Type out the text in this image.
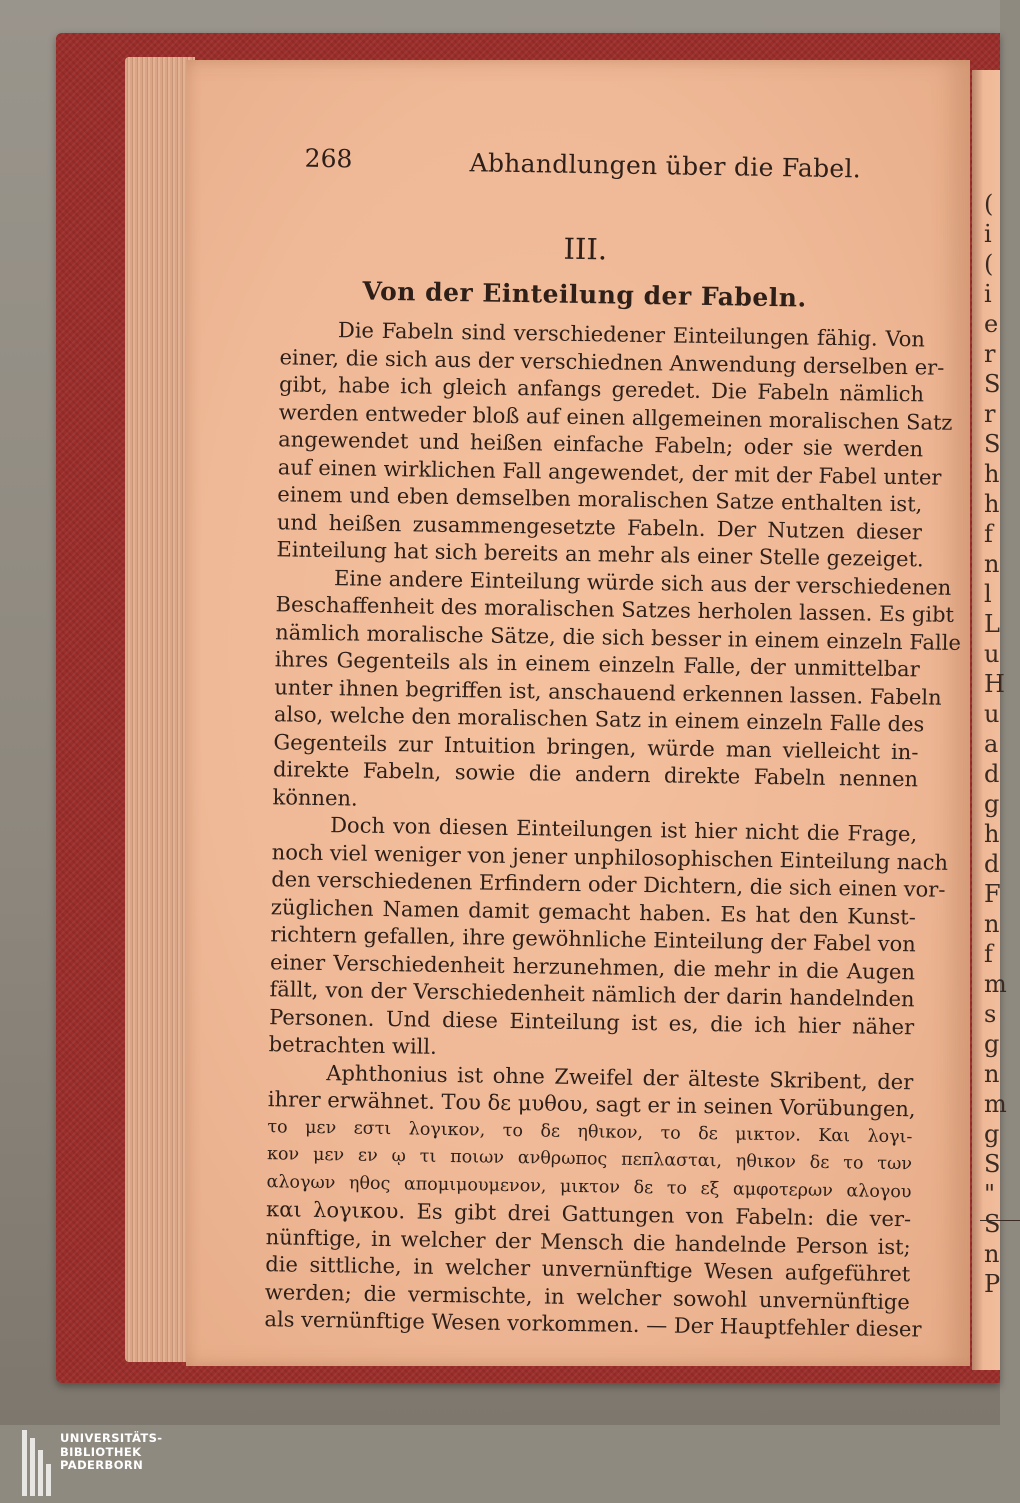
268	Abhandlungen über die Fabel.
III.
Von der Einteilung der Fabeln.
Die Fabeln sind verschiedener Einteilungen fähig. Von
einer, die sich aus der verschiednen Anwendung derselben er-
gibt, habe ich gleich anfangs geredet. Die Fabeln nämlich
werden entweder bloß auf einen allgemeinen moralischen Satz
angewendet und heißen einfache Fabeln; oder sie werden
auf einen wirklichen Fall angewendet, der mit der Fabel unter
einem und eben demselben moralischen Satze enthalten ist,
und heißen zusammengesetzte Fabeln. Der Nutzen dieser
Einteilung hat sich bereits an mehr als einer Stelle gezeiget.
Eine andere Einteilung würde sich aus der verschiedenen
Beschaffenheit des moralischen Satzes herholen lassen. Es gibt
nämlich moralische Sätze, die sich besser in einem einzeln Falle
ihres Gegenteils als in einem einzeln Falle, der unmittelbar
unter ihnen begriffen ist, anschauend erkennen lassen. Fabeln
also, welche den moralischen Satz in einem einzeln Falle des
Gegenteils zur Intuition bringen, würde man vielleicht in-
direkte Fabeln, sowie die andern direkte Fabeln nennen
können.
Doch von diesen Einteilungen ist hier nicht die Frage,
noch viel weniger von jener unphilosophischen Einteilung nach
den verschiedenen Erfindern oder Dichtern, die sich einen vor-
züglichen Namen damit gemacht haben. Es hat den Kunst-
richtern gefallen, ihre gewöhnliche Einteilung der Fabel von
einer Verschiedenheit herzunehmen, die mehr in die Augen
fällt, von der Verschiedenheit nämlich der darin handelnden
Personen. Und diese Einteilung ist es, die ich hier näher
betrachten will.
Aphthonius ist ohne Zweifel der älteste Skribent, der
ihrer erwähnet. Του δε μυθου, sagt er in seinen Vorübungen,
το μεν εστι λογικον, το δε ηθικον, το δε μικτον. Και λογι-
κον μεν εν ῳ τι ποιων ανθρωπος πεπλασται, ηθικον δε το των
αλογων ηθος απομιμουμενον, μικτον δε το εξ αμφοτερων αλογου
και λογικου. Es gibt drei Gattungen von Fabeln: die ver-
nünftige, in welcher der Mensch die handelnde Person ist;
die sittliche, in welcher unvernünftige Wesen aufgeführet
werden; die vermischte, in welcher sowohl unvernünftige
als vernünftige Wesen vorkommen. — Der Hauptfehler dieser
(
i
(
i
e
r
S
r
S
h
h
f
n
l
L
u
H
u
a
d
g
h
d
F
n
f
m
s
g
n
m
g
S
"
S
n
P
UNIVERSITÄTS-
BIBLIOTHEK
PADERBORN
